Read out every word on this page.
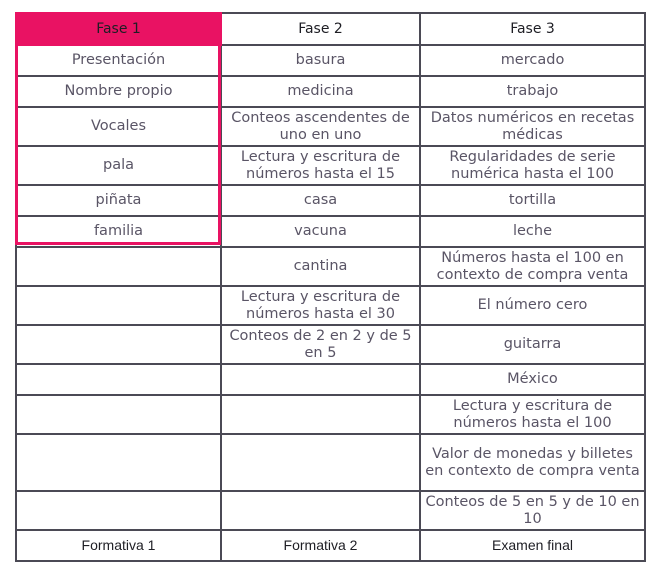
Fase 1	Fase 2	Fase 3
Presentación	basura	mercado
Nombre propio	medicina	trabajo
Vocales	Conteos ascendentes de uno en uno	Datos numéricos en recetas médicas
pala	Lectura y escritura de números hasta el 15	Regularidades de serie numérica hasta el 100
piñata	casa	tortilla
familia	vacuna	leche
	cantina	Números hasta el 100 en contexto de compra venta
	Lectura y escritura de números hasta el 30	El número cero
	Conteos de 2 en 2 y de 5 en 5	guitarra
		México
		Lectura y escritura de números hasta el 100
		Valor de monedas y billetes en contexto de compra venta
		Conteos de 5 en 5 y de 10 en 10
Formativa 1	Formativa 2	Examen final
